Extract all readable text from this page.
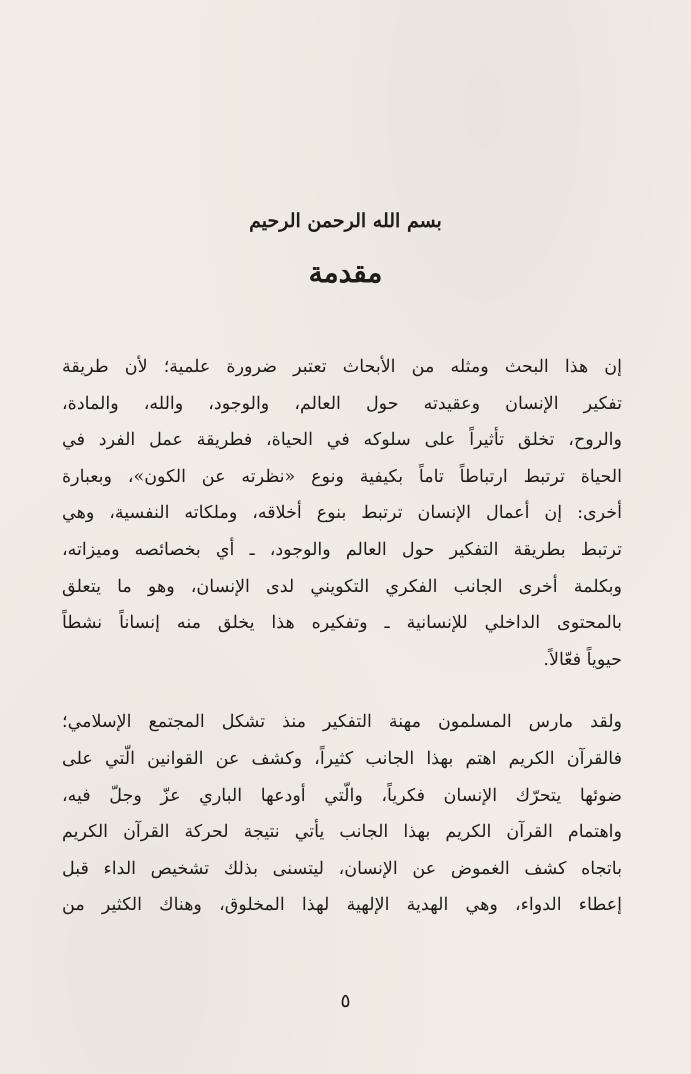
بسم الله الرحمن الرحيم
مقدمة
إن هذا البحث ومثله من الأبحاث تعتبر ضرورة علمية؛ لأن طريقة
تفكير الإنسان وعقيدته حول العالم، والوجود، والله، والمادة،
والروح، تخلق تأثيراً على سلوكه في الحياة، فطريقة عمل الفرد في
الحياة ترتبط ارتباطاً تاماً بكيفية ونوع «نظرته عن الكون»، وبعبارة
أخرى: إن أعمال الإنسان ترتبط بنوع أخلاقه، وملكاته النفسية، وهي
ترتبط بطريقة التفكير حول العالم والوجود، ـ أي بخصائصه وميزاته،
وبكلمة أخرى الجانب الفكري التكويني لدى الإنسان، وهو ما يتعلق
بالمحتوى الداخلي للإنسانية ـ وتفكيره هذا يخلق منه إنساناً نشطاً
حيوياً فعّالاً.
ولقد مارس المسلمون مهنة التفكير منذ تشكل المجتمع الإسلامي؛
فالقرآن الكريم اهتم بهذا الجانب كثيراً، وكشف عن القوانين الّتي على
ضوئها يتحرّك الإنسان فكرياً، والّتي أودعها الباري عزّ وجلّ فيه،
واهتمام القرآن الكريم بهذا الجانب يأتي نتيجة لحركة القرآن الكريم
باتجاه كشف الغموض عن الإنسان، ليتسنى بذلك تشخيص الداء قبل
إعطاء الدواء، وهي الهدية الإلهية لهذا المخلوق، وهناك الكثير من
٥
